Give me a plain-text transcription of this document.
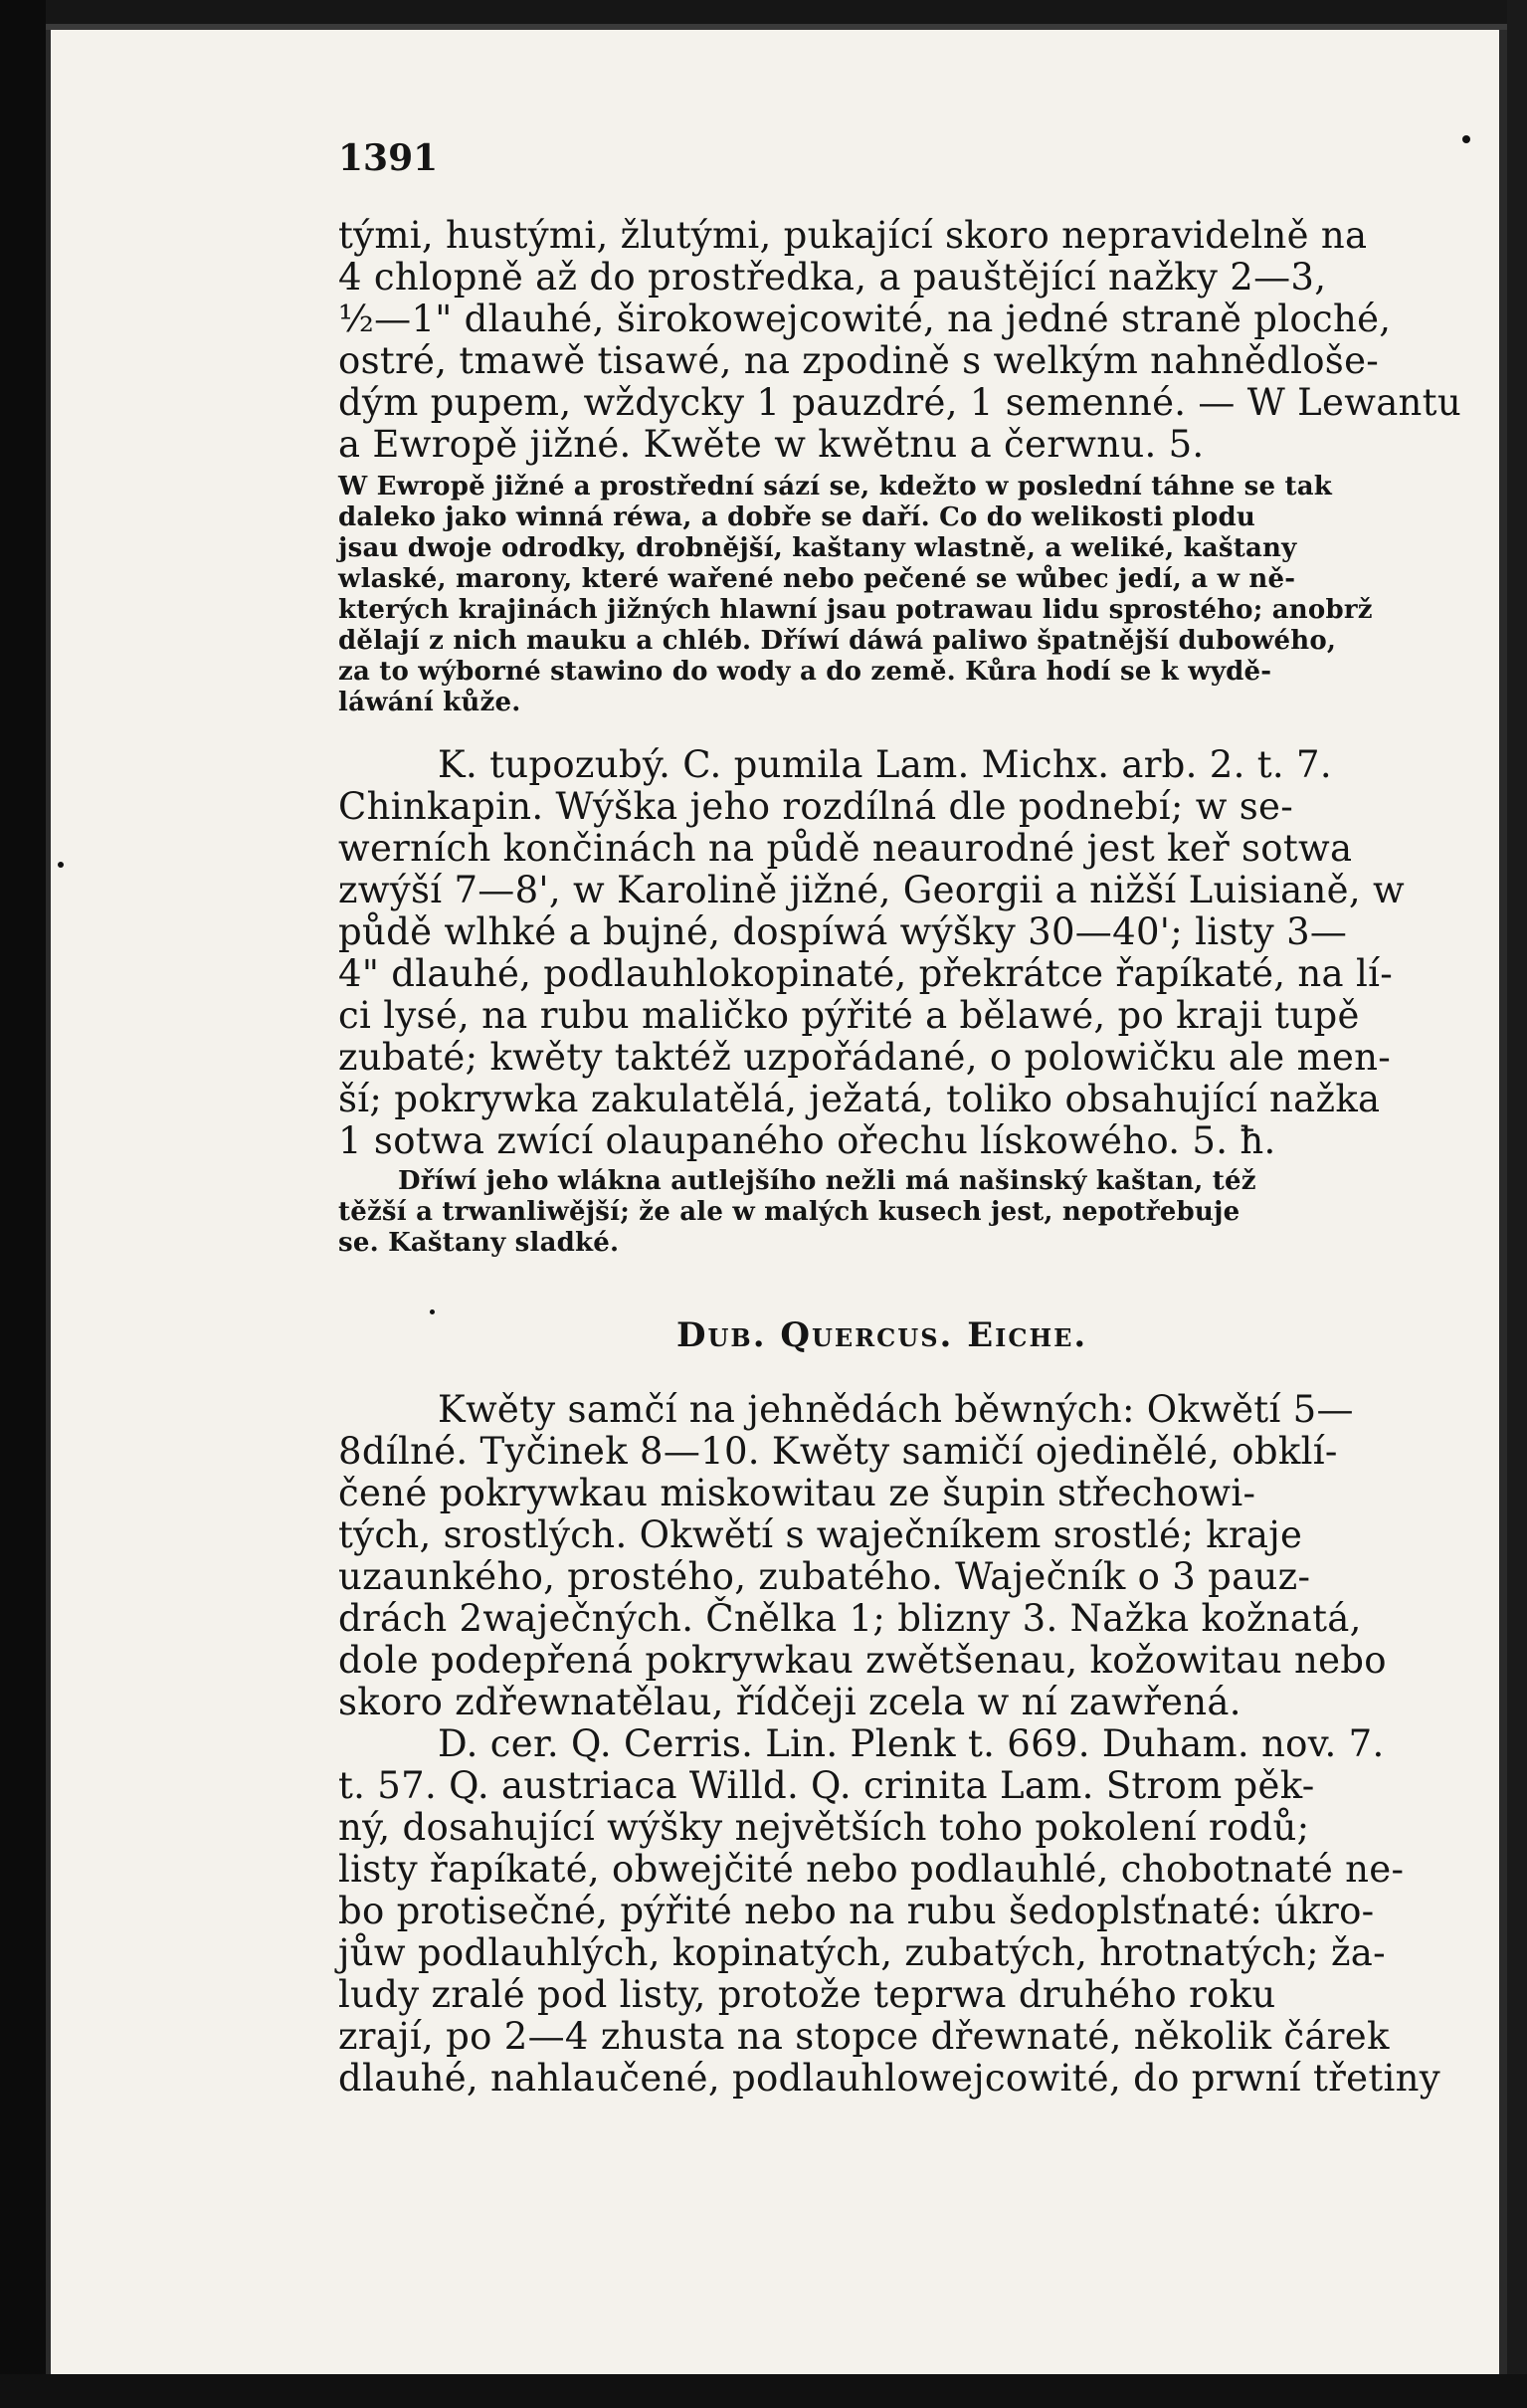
1391
tými, hustými, žlutými, pukající skoro nepravidelně na
4 chlopně až do prostředka, a pauštějící nažky 2—3,
½—1" dlauhé, širokowejcowité, na jedné straně ploché,
ostré, tmawě tisawé, na zpodině s welkým nahnědlošе-
dým pupem, wždycky 1 pauzdré, 1 semenné. — W Lewantu
a Ewropě jižné. Kwěte w kwětnu a čerwnu. 5.
W Ewropě jižné a prostřední sází se, kdežto w poslední táhne se tak
daleko jako winná réwa, a dobře se daří. Co do welikosti plodu
jsau dwoje odrodky, drobnější, kaštany wlastně, a weliké, kaštany
wlaské, marony, které wařené nebo pečené se wůbec jedí, a w ně-
kterých krajinách jižných hlawní jsau potrawau lidu sprostého; anobrž
dělají z nich mauku a chléb. Dříwí dáwá paliwo špatnější dubowého,
za to wýborné stawino do wody a do země. Kůra hodí se k wydě-
láwání kůže.
K. tupozubý. C. pumila Lam. Michx. arb. 2. t. 7.
Chinkapin. Wýška jeho rozdílná dle podnebí; w se-
werních končinách na půdě neaurodné jest keř sotwa
zwýší 7—8', w Karolině jižné, Georgii a nižší Luisianě, w
půdě wlhké a bujné, dospíwá wýšky 30—40'; listy 3—
4" dlauhé, podlauhlokopinaté, překrátce řapíkaté, na lí-
ci lysé, na rubu maličko pýřité a bělawé, po kraji tupě
zubaté; kwěty taktéž uzpořádané, o polowičku ale men-
ší; pokrywka zakulatělá, ježatá, toliko obsahující nažka
1 sotwa zwící olaupaného ořechu lískowého. 5. ħ.
Dříwí jeho wlákna autlejšího nežli má našinský kaštan, též
těžší a trwanliwější; že ale w malých kusech jest, nepotřebuje
se. Kaštany sladké.
Dub. Quercus. Eiche.
Kwěty samčí na jehnědách běwných: Okwětí 5—
8dílné. Tyčinek 8—10. Kwěty samičí ojedinělé, obklí-
čené pokrywkau miskowitau ze šupin střechowi-
tých, srostlých. Okwětí s waječníkem srostlé; kraje
uzaunkého, prostého, zubatého. Waječník o 3 pauz-
drách 2waječných. Čnělka 1; blizny 3. Nažka kožnatá,
dole podepřená pokrywkau zwětšenau, kožowitau nebo
skoro zdřewnatělau, řídčeji zcela w ní zawřená.
D. cer. Q. Cerris. Lin. Plenk t. 669. Duham. nov. 7.
t. 57. Q. austriaca Willd. Q. crinita Lam. Strom pěk-
ný, dosahující wýšky největších toho pokolení rodů;
listy řapíkaté, obwejčité nebo podlauhlé, chobotnaté ne-
bo protisečné, pýřité nebo na rubu šedoplsťnaté: úkro-
jůw podlauhlých, kopinatých, zubatých, hrotnatých; ža-
ludy zralé pod listy, protože teprwa druhého roku
zrají, po 2—4 zhusta na stopce dřewnaté, několik čárek
dlauhé, nahlaučené, podlauhlowejcowité, do prwní třetiny
